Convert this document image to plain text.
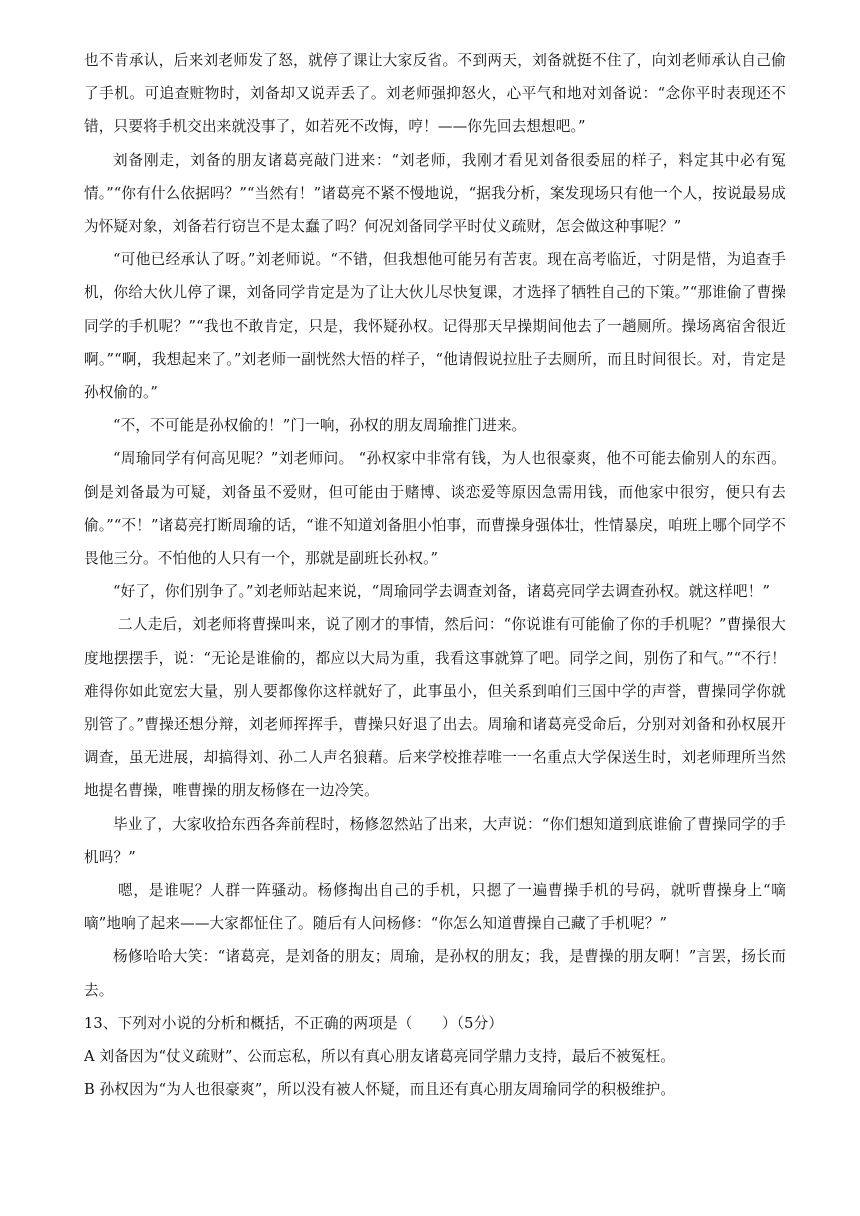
也不肯承认，后来刘老师发了怒，就停了课让大家反省。不到两天，刘备就挺不住了，向刘老师承认自己偷了手机。可追查赃物时，刘备却又说弄丢了。刘老师强抑怒火，心平气和地对刘备说：“念你平时表现还不错，只要将手机交出来就没事了，如若死不改悔，哼！——你先回去想想吧。”

刘备刚走，刘备的朋友诸葛亮敲门进来：“刘老师，我刚才看见刘备很委屈的样子，料定其中必有冤情。”“你有什么依据吗？”“当然有！”诸葛亮不紧不慢地说，“据我分析，案发现场只有他一个人，按说最易成为怀疑对象，刘备若行窃岂不是太蠢了吗？何况刘备同学平时仗义疏财，怎会做这种事呢？”

“可他已经承认了呀。”刘老师说。“不错，但我想他可能另有苦衷。现在高考临近，寸阴是惜，为追查手机，你给大伙儿停了课，刘备同学肯定是为了让大伙儿尽快复课，才选择了牺牲自己的下策。”“那谁偷了曹操同学的手机呢？”“我也不敢肯定，只是，我怀疑孙权。记得那天早操期间他去了一趟厕所。操场离宿舍很近啊。”“啊，我想起来了。”刘老师一副恍然大悟的样子，“他请假说拉肚子去厕所，而且时间很长。对，肯定是孙权偷的。”

“不，不可能是孙权偷的！”门一响，孙权的朋友周瑜推门进来。

“周瑜同学有何高见呢？”刘老师问。 “孙权家中非常有钱，为人也很豪爽，他不可能去偷别人的东西。倒是刘备最为可疑，刘备虽不爱财，但可能由于赌博、谈恋爱等原因急需用钱，而他家中很穷，便只有去偷。”“不！”诸葛亮打断周瑜的话，“谁不知道刘备胆小怕事，而曹操身强体壮，性情暴戾，咱班上哪个同学不畏他三分。不怕他的人只有一个，那就是副班长孙权。”

“好了，你们别争了。”刘老师站起来说，“周瑜同学去调查刘备，诸葛亮同学去调查孙权。就这样吧！”

二人走后，刘老师将曹操叫来，说了刚才的事情，然后问：“你说谁有可能偷了你的手机呢？”曹操很大度地摆摆手，说：“无论是谁偷的，都应以大局为重，我看这事就算了吧。同学之间，别伤了和气。”“不行！难得你如此宽宏大量，别人要都像你这样就好了，此事虽小，但关系到咱们三国中学的声誉，曹操同学你就别管了。”曹操还想分辩，刘老师挥挥手，曹操只好退了出去。周瑜和诸葛亮受命后，分别对刘备和孙权展开调查，虽无进展，却搞得刘、孙二人声名狼藉。后来学校推荐唯一一名重点大学保送生时，刘老师理所当然地提名曹操，唯曹操的朋友杨修在一边冷笑。

毕业了，大家收拾东西各奔前程时，杨修忽然站了出来，大声说：“你们想知道到底谁偷了曹操同学的手机吗？”

嗯，是谁呢？人群一阵骚动。杨修掏出自己的手机，只摁了一遍曹操手机的号码，就听曹操身上“嘀嘀”地响了起来——大家都怔住了。随后有人问杨修：“你怎么知道曹操自己藏了手机呢？”

杨修哈哈大笑：“诸葛亮，是刘备的朋友；周瑜，是孙权的朋友；我，是曹操的朋友啊！”言罢，扬长而去。

13、下列对小说的分析和概括，不正确的两项是（　　）（5分）

A 刘备因为“仗义疏财”、公而忘私，所以有真心朋友诸葛亮同学鼎力支持，最后不被冤枉。

B 孙权因为“为人也很豪爽”，所以没有被人怀疑，而且还有真心朋友周瑜同学的积极维护。
